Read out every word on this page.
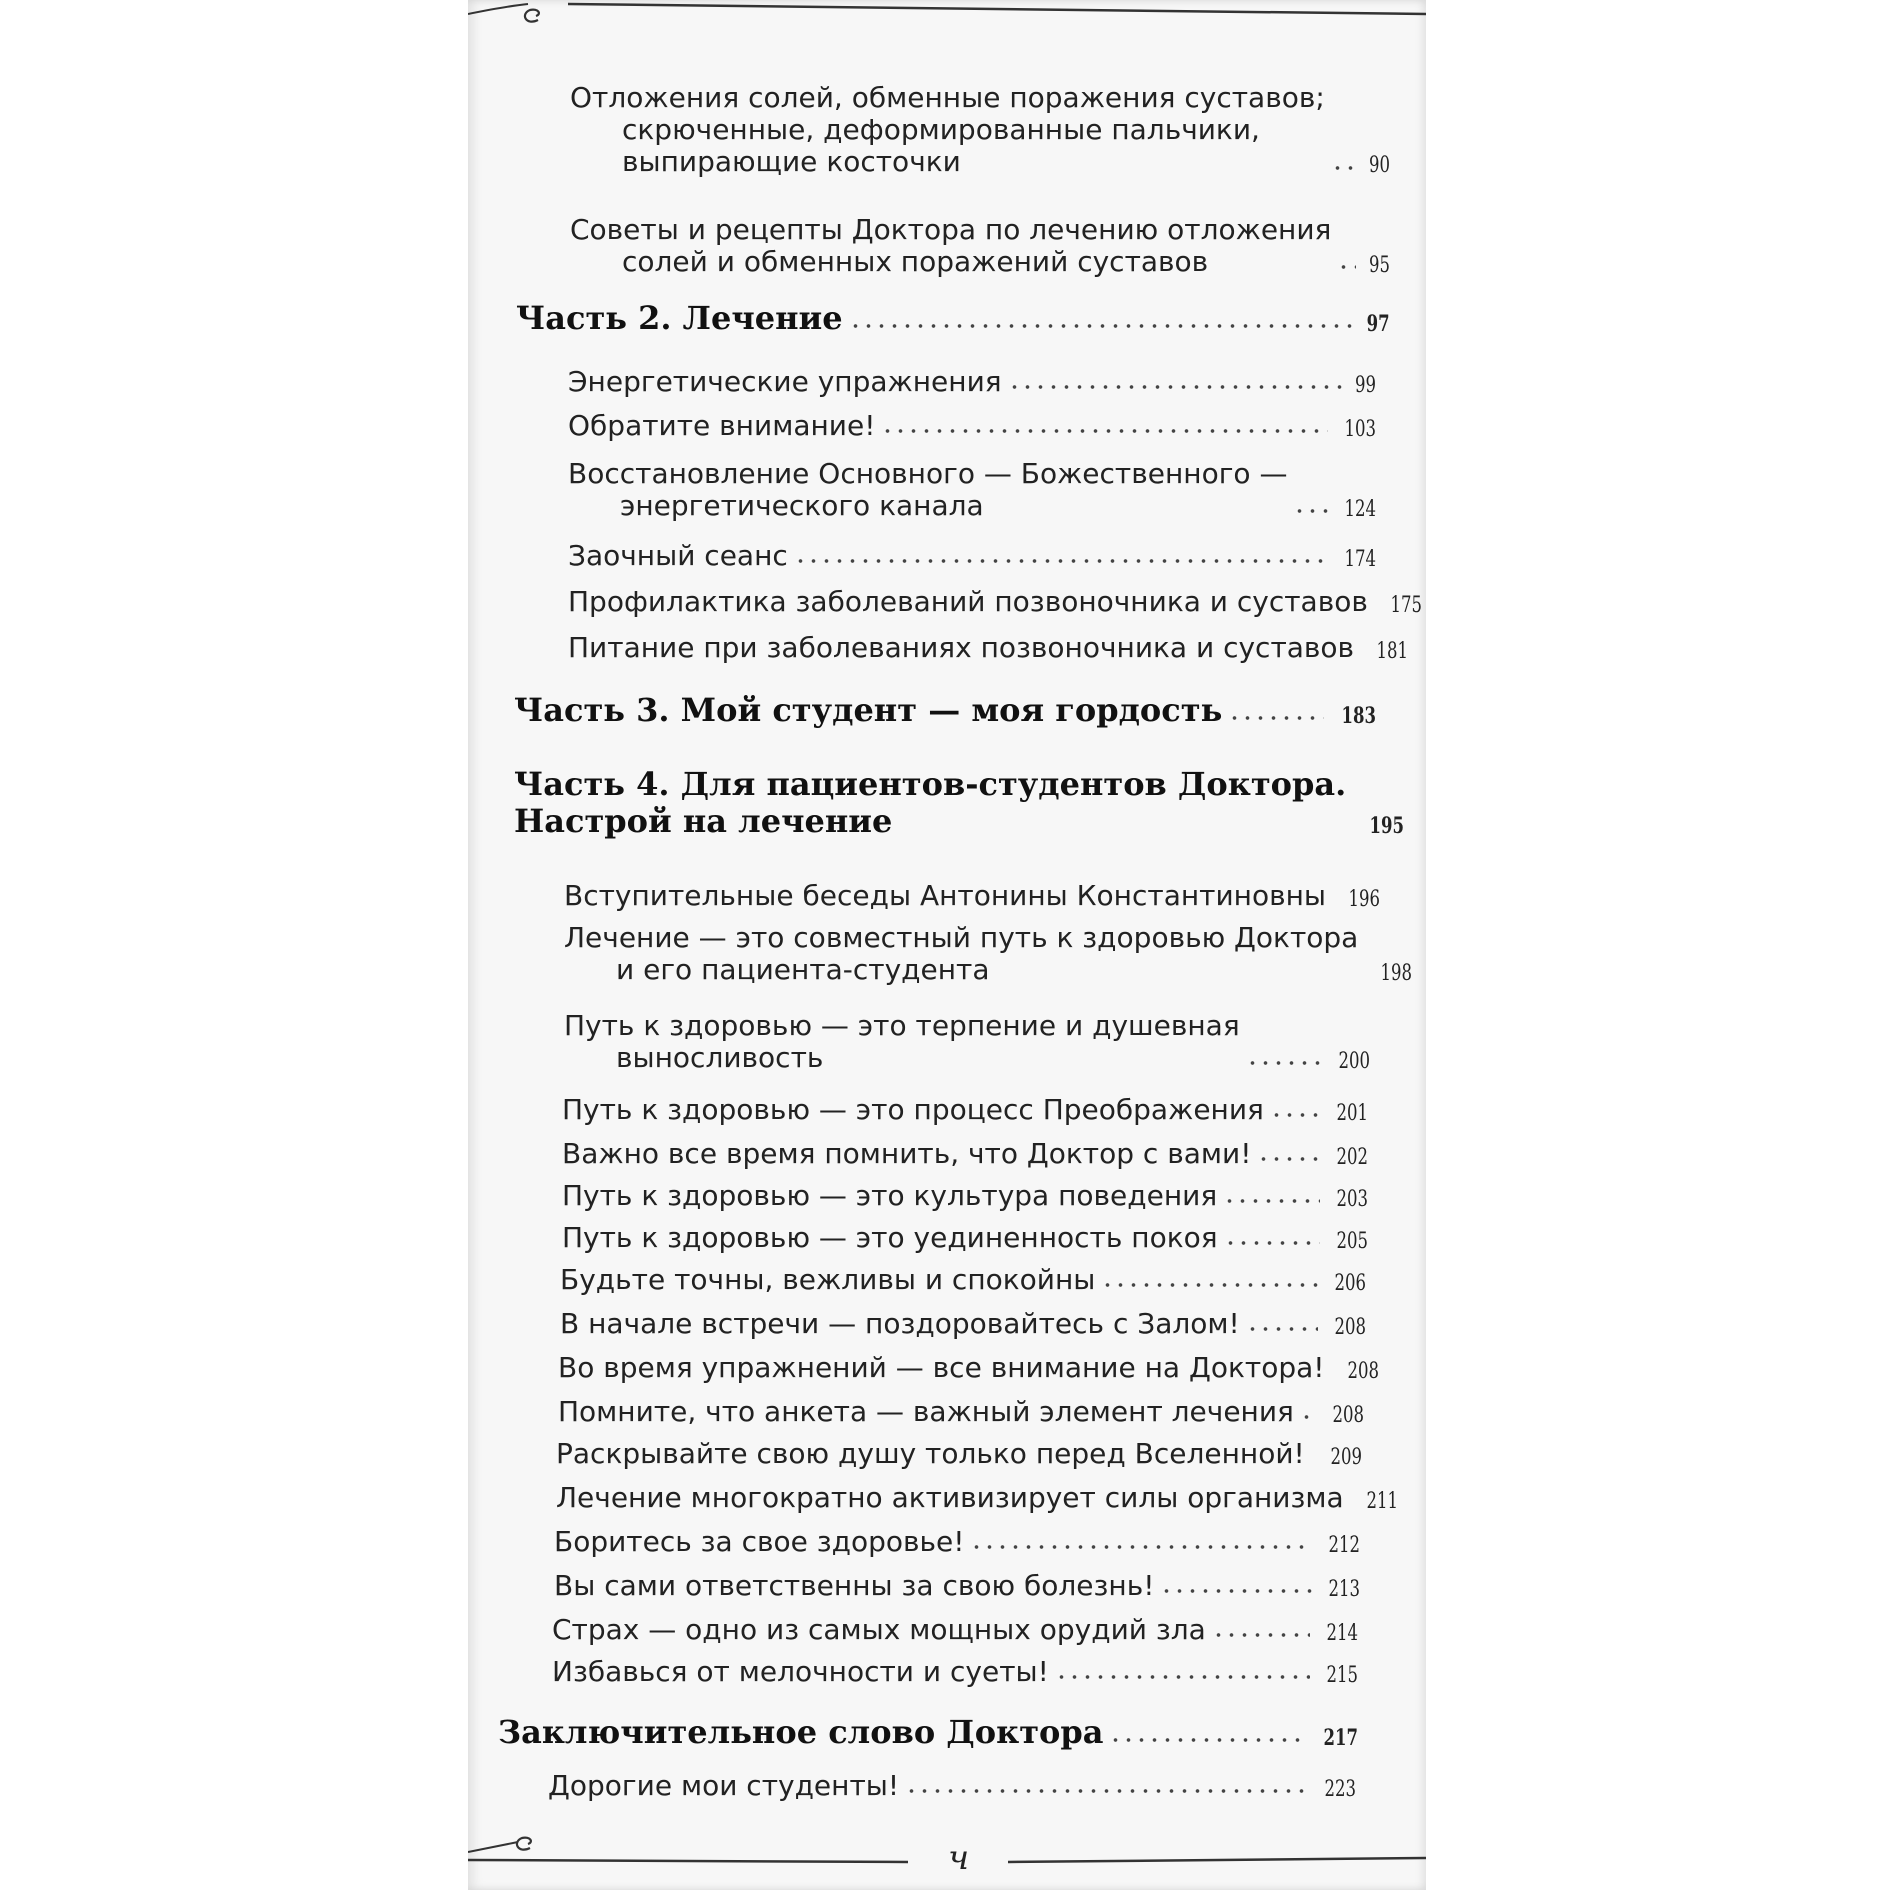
Отложения солей, обменные поражения суставов;
скрюченные, деформированные пальчики,
выпирающие косточки	90
Советы и рецепты Доктора по лечению отложения
солей и обменных поражений суставов	95
Часть 2. Лечение	97
Энергетические упражнения	99
Обратите внимание!	103
Восстановление Основного — Божественного —
энергетического канала	124
Заочный сеанс	174
Профилактика заболеваний позвоночника и суставов 175
Питание при заболеваниях позвоночника и суставов 181
Часть 3. Мой студент — моя гордость	183
Часть 4. Для пациентов-студентов Доктора.
Настрой на лечение	195
Вступительные беседы Антонины Константиновны 196
Лечение — это совместный путь к здоровью Доктора
и его пациента-студента	198
Путь к здоровью — это терпение и душевная
выносливость	200
Путь к здоровью — это процесс Преображения	201
Важно все время помнить, что Доктор с вами!	202
Путь к здоровью — это культура поведения	203
Путь к здоровью — это уединенность покоя	205
Будьте точны, вежливы и спокойны	206
В начале встречи — поздоровайтесь с Залом!	208
Во время упражнений — все внимание на Доктора! 208
Помните, что анкета — важный элемент лечения 208
Раскрывайте свою душу только перед Вселенной! 209
Лечение многократно активизирует силы организма 211
Боритесь за свое здоровье!	212
Вы сами ответственны за свою болезнь!	213
Страх — одно из самых мощных орудий зла	214
Избавься от мелочности и суеты!	215
Заключительное слово Доктора	217
Дорогие мои студенты!	223
ч
